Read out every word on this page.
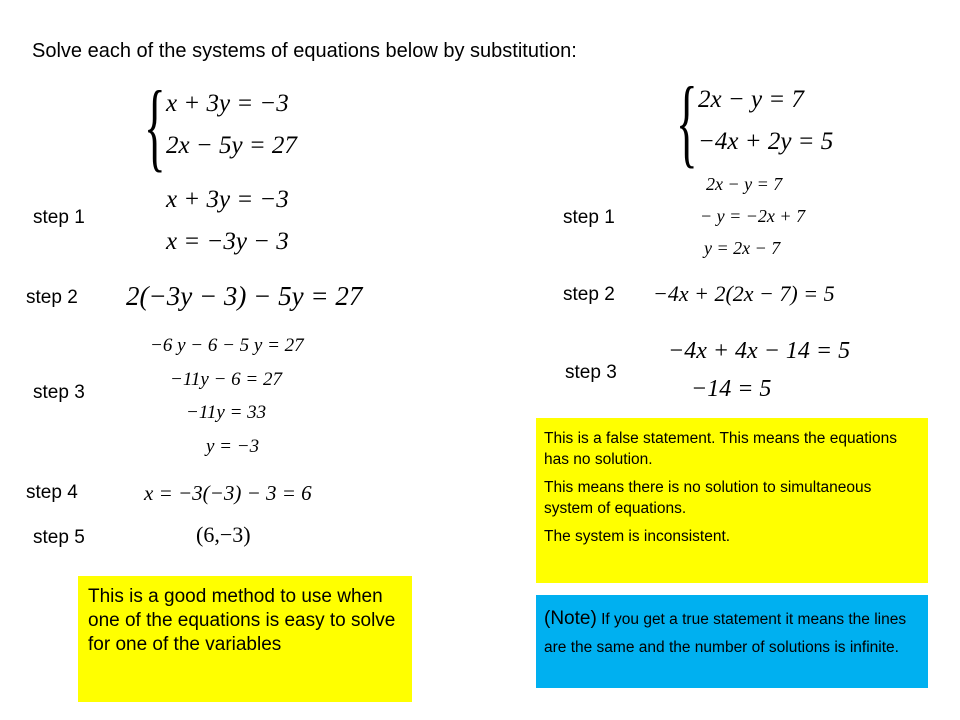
Solve each of the systems of equations below by substitution:
{ x + 3y = −3
2x − 5y = 27
step 1
x + 3y = −3
x = −3y − 3
step 2 2(−3y − 3) − 5y = 27
step 3
−6 y − 6 − 5 y = 27
−11y − 6 = 27
−11y = 33
y = −3
step 4	x = −3(−3) − 3 = 6
step 5	(6,−3)
This is a good method to use when one of the equations is easy to solve for one of the variables
{ 2x − y = 7
−4x + 2y = 5
step 1
2x − y = 7
− y = −2x + 7
y = 2x − 7
step 2 −4x + 2(2x − 7) = 5
step 3
−4x + 4x − 14 = 5
−14 = 5

This is a false statement. This means the equations has no solution.

This means there is no solution to simultaneous system of equations.

The system is inconsistent.

(Note) If you get a true statement it means the lines are the same and the number of solutions is infinite.
